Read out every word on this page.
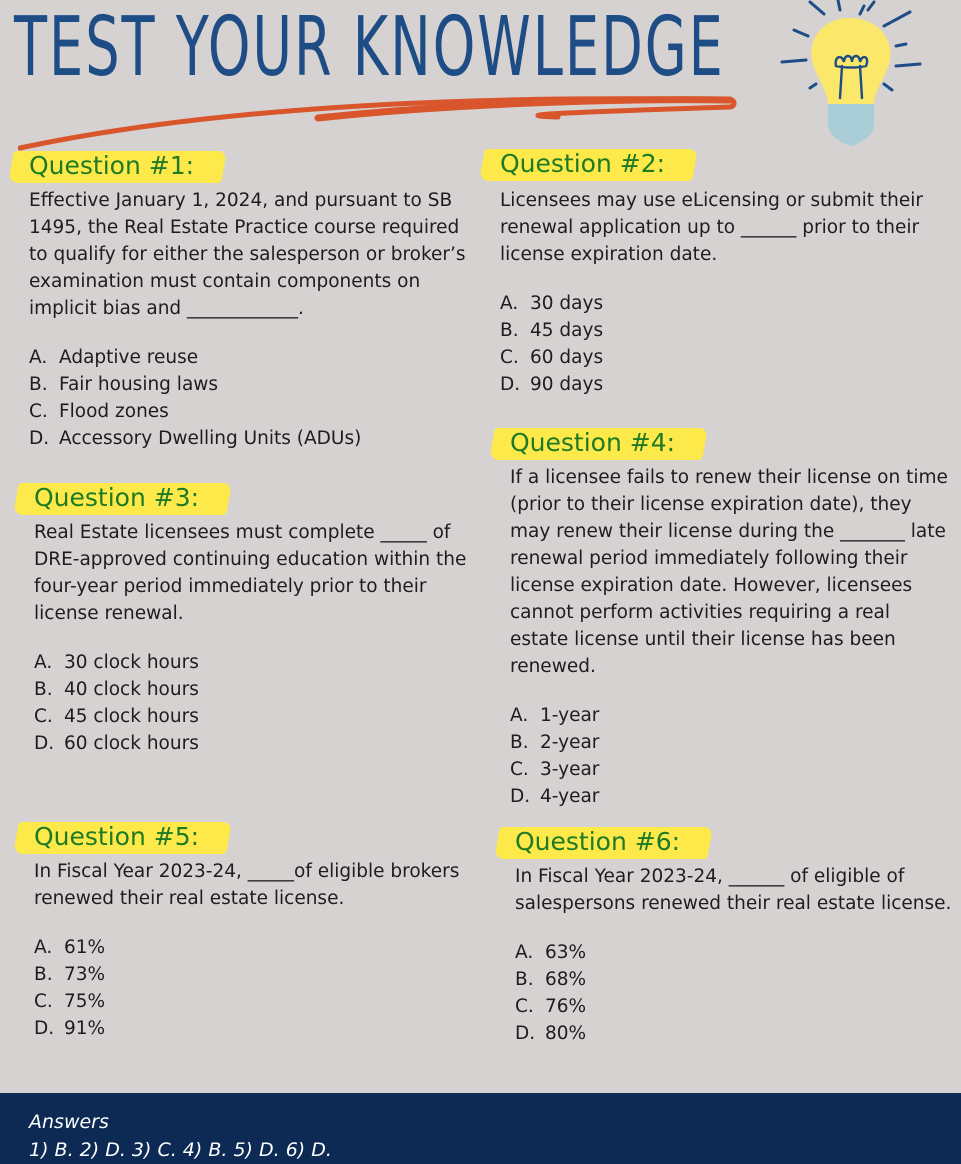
TEST YOUR KNOWLEDGE
Question #1:

Effective January 1, 2024, and pursuant to SB 1495, the Real Estate Practice course required to qualify for either the salesperson or broker’s examination must contain components on implicit bias and ____________.

A. Adaptive reuse
B. Fair housing laws
C. Flood zones
D. Accessory Dwelling Units (ADUs)
Question #2:

Licensees may use eLicensing or submit their renewal application up to ______ prior to their license expiration date.

A. 30 days
B. 45 days
C. 60 days
D. 90 days
Question #3:

Real Estate licensees must complete _____ of DRE-approved continuing education within the four-year period immediately prior to their license renewal.

A. 30 clock hours
B. 40 clock hours
C. 45 clock hours
D. 60 clock hours
Question #4:

If a licensee fails to renew their license on time (prior to their license expiration date), they may renew their license during the _______ late renewal period immediately following their license expiration date. However, licensees cannot perform activities requiring a real estate license until their license has been renewed.

A. 1-year
B. 2-year
C. 3-year
D. 4-year
Question #5:

In Fiscal Year 2023-24, _____of eligible brokers renewed their real estate license.

A. 61%
B. 73%
C. 75%
D. 91%
Question #6:

In Fiscal Year 2023-24, ______ of eligible of salespersons renewed their real estate license.

A. 63%
B. 68%
C. 76%
D. 80%
Answers
1) B. 2) D. 3) C. 4) B. 5) D. 6) D.
